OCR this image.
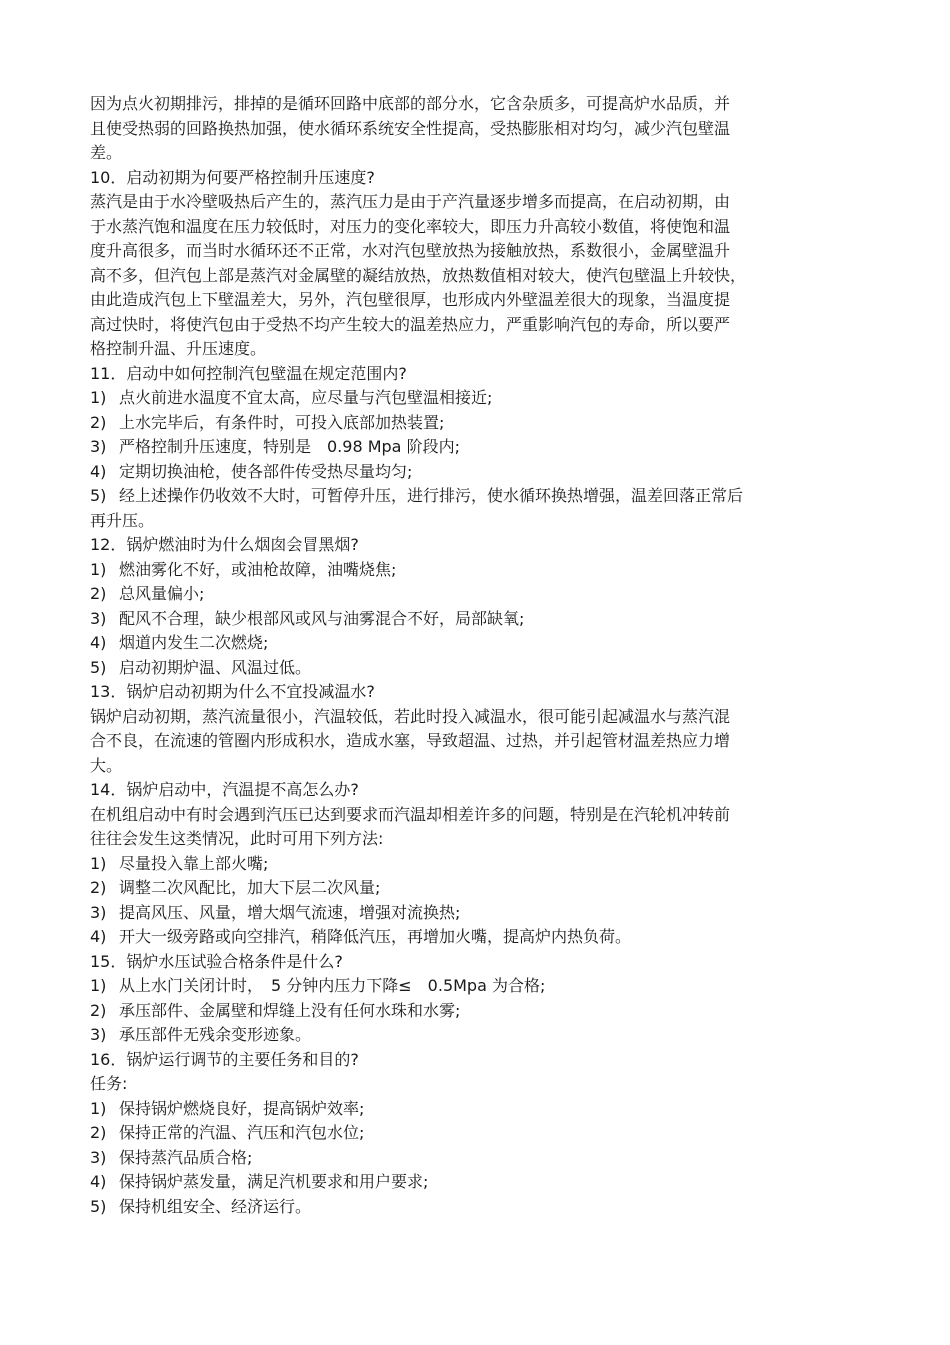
因为点火初期排污，排掉的是循环回路中底部的部分水，它含杂质多，可提高炉水品质，并
且使受热弱的回路换热加强，使水循环系统安全性提高，受热膨胀相对均匀，减少汽包壁温
差。
10．启动初期为何要严格控制升压速度?
蒸汽是由于水冷壁吸热后产生的，蒸汽压力是由于产汽量逐步增多而提高，在启动初期，由
于水蒸汽饱和温度在压力较低时，对压力的变化率较大，即压力升高较小数值，将使饱和温
度升高很多，而当时水循环还不正常，水对汽包壁放热为接触放热，系数很小，金属壁温升
高不多，但汽包上部是蒸汽对金属壁的凝结放热，放热数值相对较大，使汽包壁温上升较快，
由此造成汽包上下壁温差大，另外，汽包壁很厚，也形成内外壁温差很大的现象，当温度提
高过快时，将使汽包由于受热不均产生较大的温差热应力，严重影响汽包的寿命，所以要严
格控制升温、升压速度。
11．启动中如何控制汽包壁温在规定范围内?
1) 点火前进水温度不宜太高，应尽量与汽包壁温相接近;
2) 上水完毕后，有条件时，可投入底部加热装置;
3) 严格控制升压速度，特别是　0.98 Mpa 阶段内;
4) 定期切换油枪，使各部件传受热尽量均匀;
5) 经上述操作仍收效不大时，可暂停升压，进行排污，使水循环换热增强，温差回落正常后
再升压。
12．锅炉燃油时为什么烟囱会冒黑烟?
1) 燃油雾化不好，或油枪故障，油嘴烧焦;
2) 总风量偏小;
3) 配风不合理，缺少根部风或风与油雾混合不好，局部缺氧;
4) 烟道内发生二次燃烧;
5) 启动初期炉温、风温过低。
13．锅炉启动初期为什么不宜投减温水?
锅炉启动初期，蒸汽流量很小，汽温较低，若此时投入减温水，很可能引起减温水与蒸汽混
合不良，在流速的管圈内形成积水，造成水塞，导致超温、过热，并引起管材温差热应力增
大。
14．锅炉启动中，汽温提不高怎么办?
在机组启动中有时会遇到汽压已达到要求而汽温却相差许多的问题，特别是在汽轮机冲转前
往往会发生这类情况，此时可用下列方法:
1) 尽量投入靠上部火嘴;
2) 调整二次风配比，加大下层二次风量;
3) 提高风压、风量，增大烟气流速，增强对流换热;
4) 开大一级旁路或向空排汽，稍降低汽压，再增加火嘴，提高炉内热负荷。
15．锅炉水压试验合格条件是什么?
1) 从上水门关闭计时，　5 分钟内压力下降≤　0.5Mpa 为合格;
2) 承压部件、金属壁和焊缝上没有任何水珠和水雾;
3) 承压部件无残余变形迹象。
16．锅炉运行调节的主要任务和目的?
任务:
1) 保持锅炉燃烧良好，提高锅炉效率;
2) 保持正常的汽温、汽压和汽包水位;
3) 保持蒸汽品质合格;
4) 保持锅炉蒸发量，满足汽机要求和用户要求;
5) 保持机组安全、经济运行。
